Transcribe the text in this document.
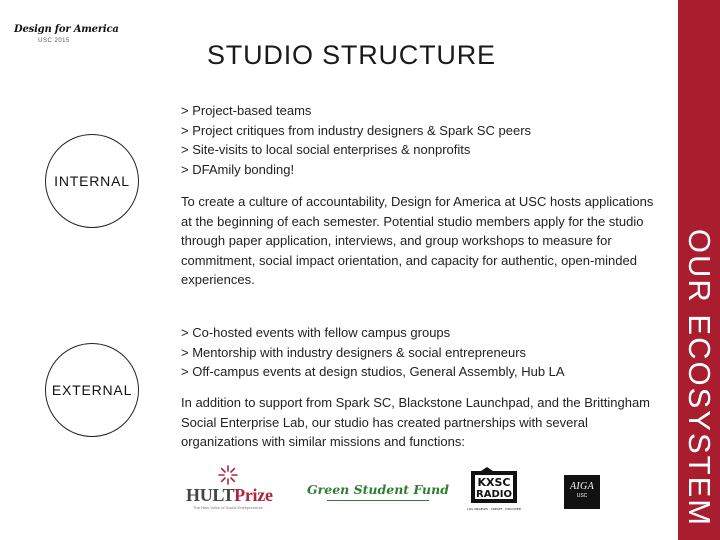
Design for America
USC 2015	STUDIO STRUCTURE
INTERNAL
> Project-based teams
> Project critiques from industry designers & Spark SC peers
> Site-visits to local social enterprises & nonprofits
> DFAmily bonding!

To create a culture of accountability, Design for America at USC hosts applications at the beginning of each semester. Potential studio members apply for the studio through paper application, interviews, and group workshops to measure for commitment, social impact orientation, and capacity for authentic, open-minded experiences.

EXTERNAL
> Co-hosted events with fellow campus groups
> Mentorship with industry designers & social entrepreneurs
> Off-campus events at design studios, General Assembly, Hub LA

In addition to support from Spark SC, Blackstone Launchpad, and the Brittingham Social Enterprise Lab, our studio has created partnerships with several organizations with similar missions and functions:

HULTPrize
The New Voice of Social Entrepreneurs
Green Student Fund	KXSC
RADIO
LOS ANGELES · CREATE · DISCOVER
AIGA
USC	OUR ECOSYSTEM
